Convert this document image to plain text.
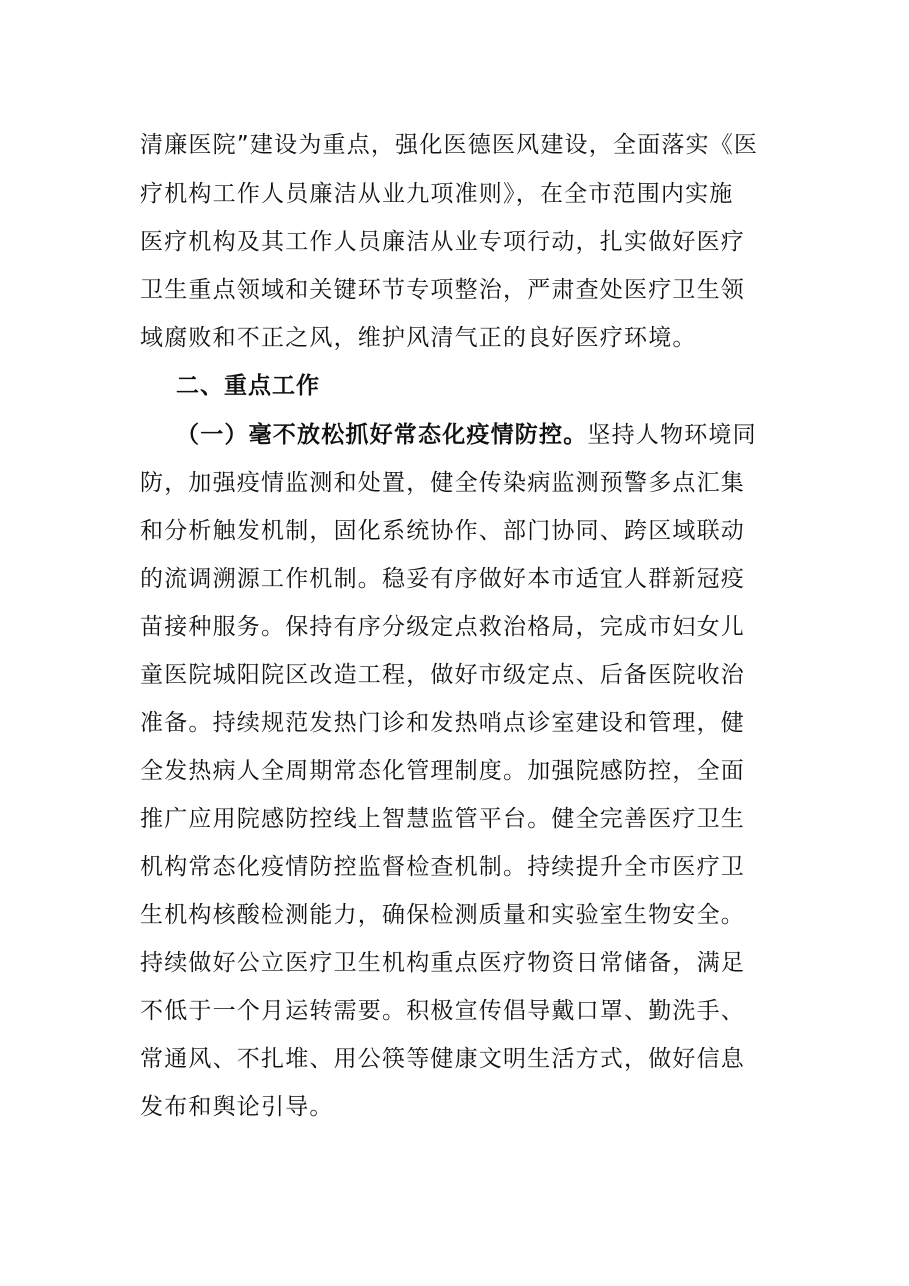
清廉医院”建设为重点，强化医德医风建设，全面落实《医
疗机构工作人员廉洁从业九项准则》，在全市范围内实施
医疗机构及其工作人员廉洁从业专项行动，扎实做好医疗
卫生重点领域和关键环节专项整治，严肃查处医疗卫生领
域腐败和不正之风，维护风清气正的良好医疗环境。
二、重点工作
（一）毫不放松抓好常态化疫情防控。坚持人物环境同
防，加强疫情监测和处置，健全传染病监测预警多点汇集
和分析触发机制，固化系统协作、部门协同、跨区域联动
的流调溯源工作机制。稳妥有序做好本市适宜人群新冠疫
苗接种服务。保持有序分级定点救治格局，完成市妇女儿
童医院城阳院区改造工程，做好市级定点、后备医院收治
准备。持续规范发热门诊和发热哨点诊室建设和管理，健
全发热病人全周期常态化管理制度。加强院感防控，全面
推广应用院感防控线上智慧监管平台。健全完善医疗卫生
机构常态化疫情防控监督检查机制。持续提升全市医疗卫
生机构核酸检测能力，确保检测质量和实验室生物安全。
持续做好公立医疗卫生机构重点医疗物资日常储备，满足
不低于一个月运转需要。积极宣传倡导戴口罩、勤洗手、
常通风、不扎堆、用公筷等健康文明生活方式，做好信息
发布和舆论引导。
